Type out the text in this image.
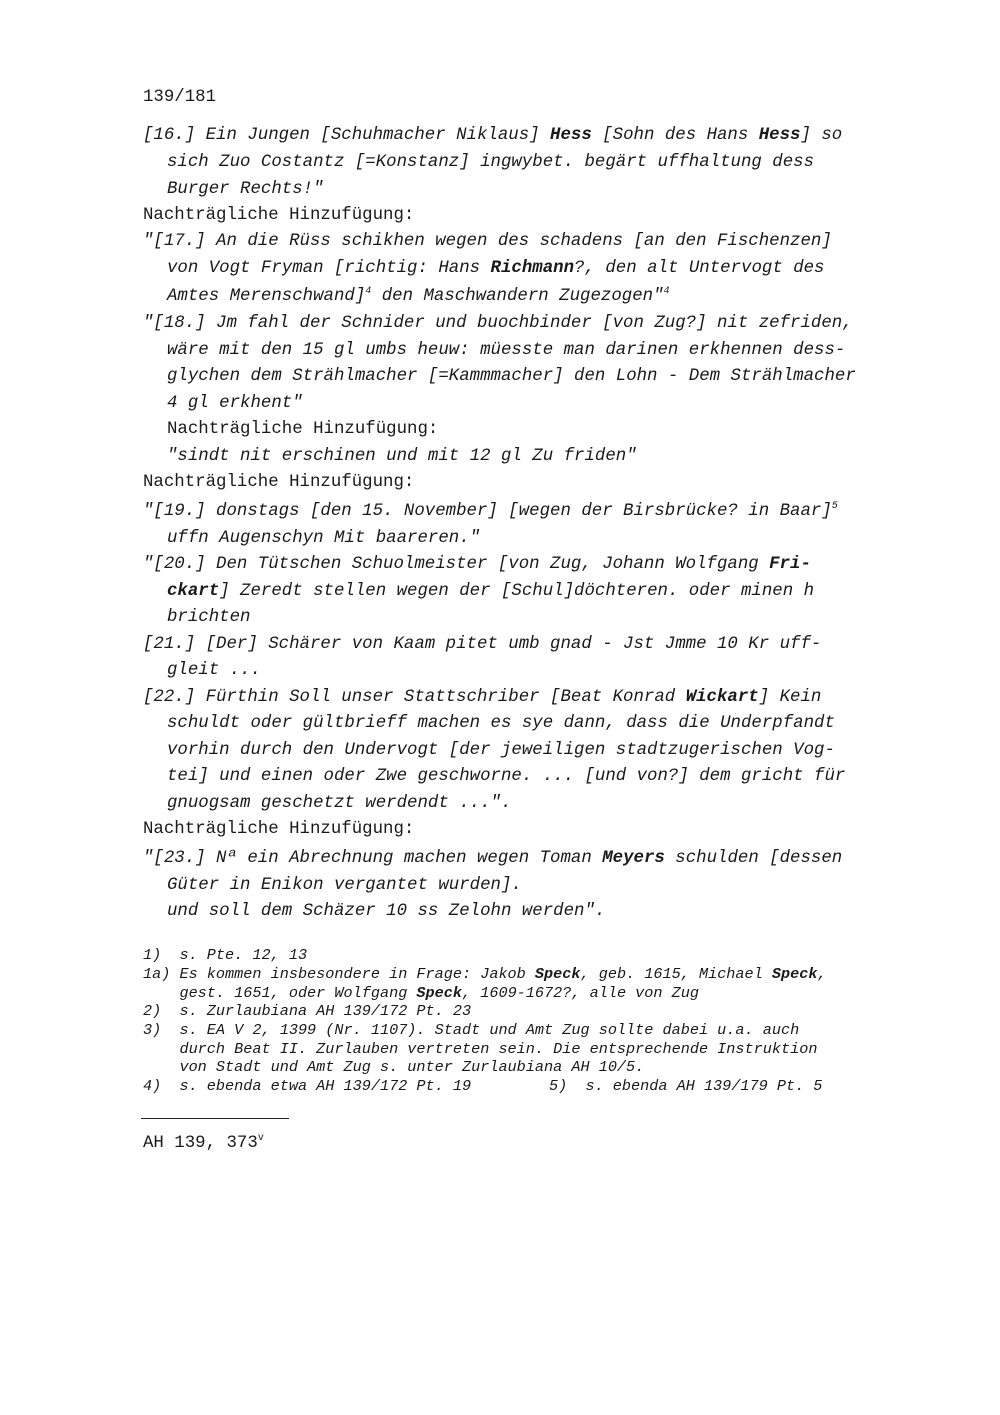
139/181
[16.] Ein Jungen [Schuhmacher Niklaus] Hess [Sohn des Hans Hess] so
sich Zuo Costantz [=Konstanz] ingwybet. begärt uffhaltung dess
Burger Rechts!"
Nachträgliche Hinzufügung:
"[17.] An die Rüss schikhen wegen des schadens [an den Fischenzen]
von Vogt Fryman [richtig: Hans Richmann?, den alt Untervogt des
Amtes Merenschwand]$^4$ den Maschwandern Zugezogen"$^4$
"[18.] Jm fahl der Schnider und buochbinder [von Zug?] nit zefriden,
wäre mit den 15 gl umbs heuw: müesste man darinen erkhennen dess-
glychen dem Strählmacher [=Kammmacher] den Lohn - Dem Strählmacher
4 gl erkhent"
Nachträgliche Hinzufügung:
"sindt nit erschinen und mit 12 gl Zu friden"
Nachträgliche Hinzufügung:
"[19.] donstags [den 15. November] [wegen der Birsbrücke? in Baar]$^5$
uffn Augenschyn Mit baareren."
"[20.] Den Tütschen Schuolmeister [von Zug, Johann Wolfgang Fri-
ckart] Zeredt stellen wegen der [Schul]döchteren. oder minen h
brichten
[21.] [Der] Schärer von Kaam pitet umb gnad - Jst Jmme 10 Kr uff-
gleit ...
[22.] Fürthin Soll unser Stattschriber [Beat Konrad Wickart] Kein
schuldt oder gültbrieff machen es sye dann, dass die Underpfandt
vorhin durch den Undervogt [der jeweiligen stadtzugerischen Vog-
tei] und einen oder Zwe geschworne. ... [und von?] dem gricht für
gnuogsam geschetzt werdendt ...".
Nachträgliche Hinzufügung:
"[23.] Nª ein Abrechnung machen wegen Toman Meyers schulden [dessen
Güter in Enikon vergantet wurden].
und soll dem Schäzer 10 ss Zelohn werden".
1)  s. Pte. 12, 13
1a) Es kommen insbesondere in Frage: Jakob Speck, geb. 1615, Michael Speck,
gest. 1651, oder Wolfgang Speck, 1609-1672?, alle von Zug
2)  s. Zurlaubiana AH 139/172 Pt. 23
3)  s. EA V 2, 1399 (Nr. 1107). Stadt und Amt Zug sollte dabei u.a. auch
durch Beat II. Zurlauben vertreten sein. Die entsprechende Instruktion
von Stadt und Amt Zug s. unter Zurlaubiana AH 10/5.
4)  s. ebenda etwa AH 139/172 Pt. 19	5)  s. ebenda AH 139/179 Pt. 5
AH 139, 373$^v$
